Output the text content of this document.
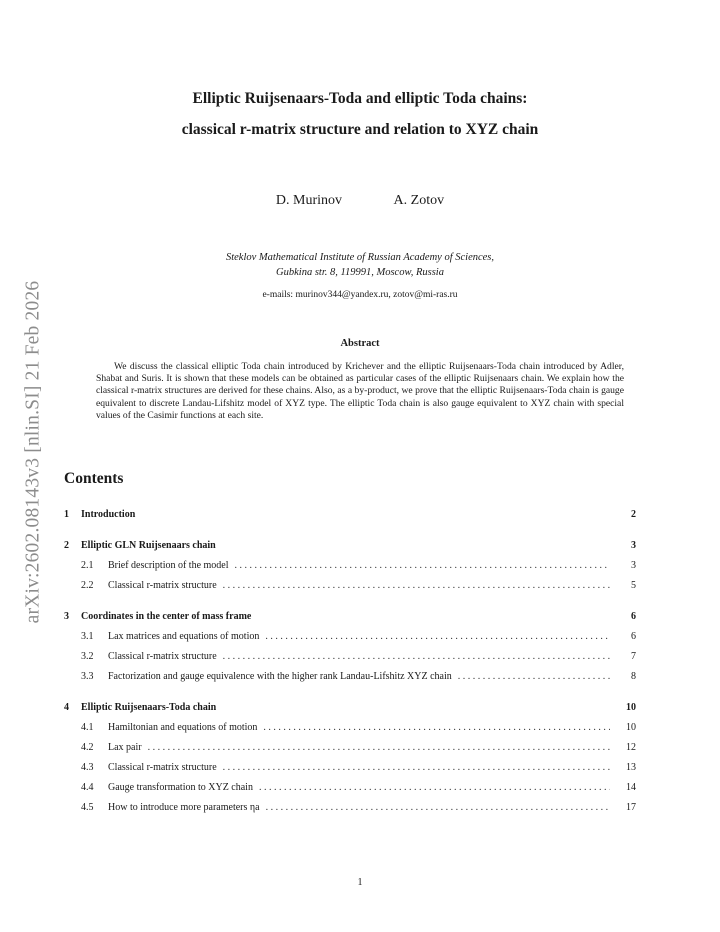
arXiv:2602.08143v3 [nlin.SI] 21 Feb 2026
Elliptic Ruijsenaars-Toda and elliptic Toda chains:
classical r-matrix structure and relation to XYZ chain
D. Murinov	A. Zotov
Steklov Mathematical Institute of Russian Academy of Sciences,
Gubkina str. 8, 119991, Moscow, Russia
e-mails: murinov344@yandex.ru, zotov@mi-ras.ru
Abstract

We discuss the classical elliptic Toda chain introduced by Krichever and the elliptic Ruijsenaars-Toda chain introduced by Adler, Shabat and Suris. It is shown that these models can be obtained as particular cases of the elliptic Ruijsenaars chain. We explain how the classical r-matrix structures are derived for these chains. Also, as a by-product, we prove that the elliptic Ruijsenaars-Toda chain is gauge equivalent to discrete Landau-Lifshitz model of XYZ type. The elliptic Toda chain is also gauge equivalent to XYZ chain with special values of the Casimir functions at each site.

Contents
1	Introduction	2
2	Elliptic GLN Ruijsenaars chain	3
2.1	Brief description of the model . . .	3
2.2	Classical r-matrix structure . . .	5
3	Coordinates in the center of mass frame	6
3.1	Lax matrices and equations of motion . . .	6
3.2	Classical r-matrix structure . . .	7
3.3	Factorization and gauge equivalence with the higher rank Landau-Lifshitz XYZ chain . . .	8
4	Elliptic Ruijsenaars-Toda chain	10
4.1	Hamiltonian and equations of motion . . .	10
4.2	Lax pair . . .	12
4.3	Classical r-matrix structure . . .	13
4.4	Gauge transformation to XYZ chain . . .	14
4.5	How to introduce more parameters ηa . . .	17
1
